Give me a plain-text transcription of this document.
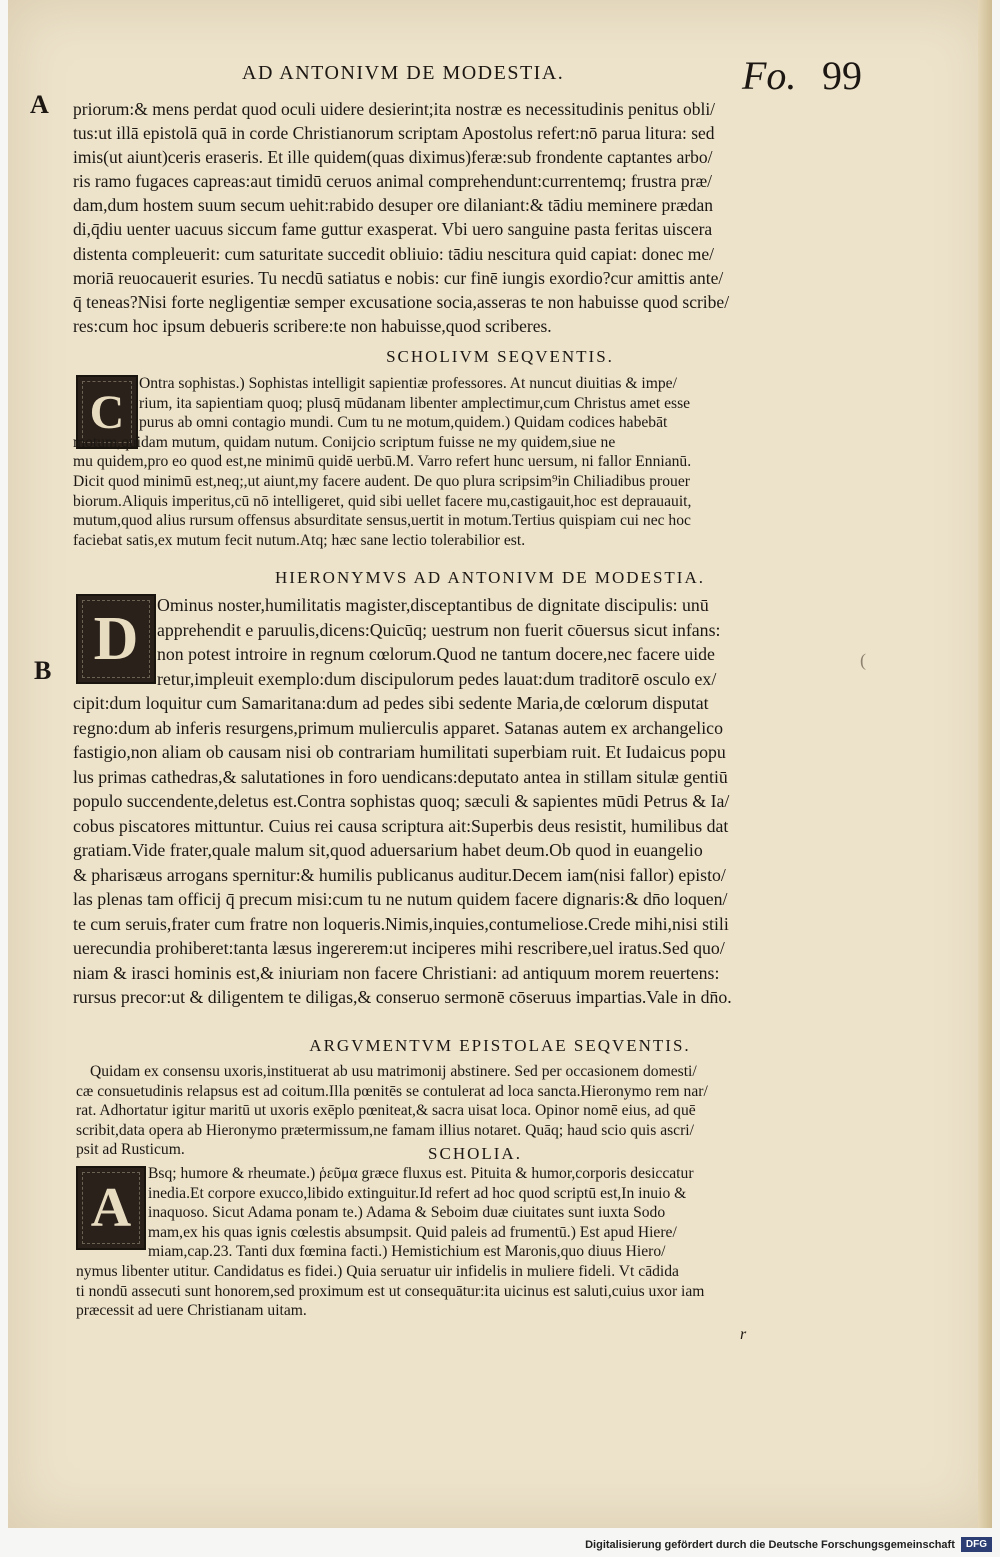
AD ANTONIVM DE MODESTIA.	Fo. 99
A
B	(
priorum:& mens perdat quod oculi uidere desierint;ita nostræ es necessitudinis penitus obli/
tus:ut illā epistolā quā in corde Christianorum scriptam Apostolus refert:nō parua litura: sed
imis(ut aiunt)ceris eraseris. Et ille quidem(quas diximus)feræ:sub frondente captantes arbo/
ris ramo fugaces capreas:aut timidū ceruos animal comprehendunt:currentemq; frustra præ/
dam,dum hostem suum secum uehit:rabido desuper ore dilaniant:& tādiu meminere prædan
di,q̄diu uenter uacuus siccum fame guttur exasperat. Vbi uero sanguine pasta feritas uiscera
distenta compleuerit: cum saturitate succedit obliuio: tādiu nescitura quid capiat: donec me/
moriā reuocauerit esuries. Tu necdū satiatus e nobis: cur finē iungis exordio?cur amittis ante/
q̄ teneas?Nisi forte negligentiæ semper excusatione socia,asseras te non habuisse quod scribe/
res:cum hoc ipsum debueris scribere:te non habuisse,quod scriberes.
SCHOLIVM SEQVENTIS.
C
Ontra sophistas.) Sophistas intelligit sapientiæ professores. At nuncut diuitias & impe/
rium, ita sapientiam quoq; plusq̄ mūdanam libenter amplectimur,cum Christus amet esse
purus ab omni contagio mundi. Cum tu ne motum,quidem.) Quidam codices habebāt
motum,quidam mutum, quidam nutum. Conijcio scriptum fuisse ne my quidem,siue ne
mu quidem,pro eo quod est,ne minimū quidē uerbū.M. Varro refert hunc uersum, ni fallor Ennianū.
Dicit quod minimū est,neq;,ut aiunt,my facere audent. De quo plura scripsim⁹in Chiliadibus prouer
biorum.Aliquis imperitus,cū nō intelligeret, quid sibi uellet facere mu,castigauit,hoc est deprauauit,
mutum,quod alius rursum offensus absurditate sensus,uertit in motum.Tertius quispiam cui nec hoc
faciebat satis,ex mutum fecit nutum.Atq; hæc sane lectio tolerabilior est.
HIERONYMVS AD ANTONIVM DE MODESTIA.
D	Ominus noster,humilitatis magister,disceptantibus de dignitate discipulis: unū
apprehendit e paruulis,dicens:Quicūq; uestrum non fuerit cōuersus sicut infans:
non potest introire in regnum cœlorum.Quod ne tantum docere,nec facere uide
retur,impleuit exemplo:dum discipulorum pedes lauat:dum traditorē osculo ex/
cipit:dum loquitur cum Samaritana:dum ad pedes sibi sedente Maria,de cœlorum disputat
regno:dum ab inferis resurgens,primum mulierculis apparet. Satanas autem ex archangelico
fastigio,non aliam ob causam nisi ob contrariam humilitati superbiam ruit. Et Iudaicus popu
lus primas cathedras,& salutationes in foro uendicans:deputato antea in stillam situlæ gentiū
populo succendente,deletus est.Contra sophistas quoq; sæculi & sapientes mūdi Petrus & Ia/
cobus piscatores mittuntur. Cuius rei causa scriptura ait:Superbis deus resistit, humilibus dat
gratiam.Vide frater,quale malum sit,quod aduersarium habet deum.Ob quod in euangelio
& pharisæus arrogans spernitur:& humilis publicanus auditur.Decem iam(nisi fallor) episto/
las plenas tam officij q̄ precum misi:cum tu ne nutum quidem facere dignaris:& dn̄o loquen/
te cum seruis,frater cum fratre non loqueris.Nimis,inquies,contumeliose.Crede mihi,nisi stili
uerecundia prohiberet:tanta læsus ingererem:ut inciperes mihi rescribere,uel iratus.Sed quo/
niam & irasci hominis est,& iniuriam non facere Christiani: ad antiquum morem reuertens:
rursus precor:ut & diligentem te diligas,& conseruo sermonē cōseruus impartias.Vale in dn̄o.
ARGVMENTVM EPISTOLAE SEQVENTIS.
Quidam ex consensu uxoris,instituerat ab usu matrimonij abstinere. Sed per occasionem domesti/
cæ consuetudinis relapsus est ad coitum.Illa pœnitēs se contulerat ad loca sancta.Hieronymo rem nar/
rat. Adhortatur igitur maritū ut uxoris exēplo pœniteat,& sacra uisat loca. Opinor nomē eius, ad quē
scribit,data opera ab Hieronymo prætermissum,ne famam illius notaret. Quāq; haud scio quis ascri/
psit ad Rusticum.	SCHOLIA.
A
Bsq; humore & rheumate.) ῥεῦμα græce fluxus est. Pituita & humor,corporis desiccatur
inedia.Et corpore exucco,libido extinguitur.Id refert ad hoc quod scriptū est,In inuio &
inaquoso. Sicut Adama ponam te.) Adama & Seboim duæ ciuitates sunt iuxta Sodo
mam,ex his quas ignis cœlestis absumpsit. Quid paleis ad frumentū.) Est apud Hiere/
miam,cap.23. Tanti dux fœmina facti.) Hemistichium est Maronis,quo diuus Hiero/
nymus libenter utitur. Candidatus es fidei.) Quia seruatur uir infidelis in muliere fideli. Vt cādida
ti nondū assecuti sunt honorem,sed proximum est ut consequātur:ita uicinus est saluti,cuius uxor iam
præcessit ad uere Christianam uitam.
r
Digitalisierung gefördert durch die Deutsche Forschungsgemeinschaft	DFG
